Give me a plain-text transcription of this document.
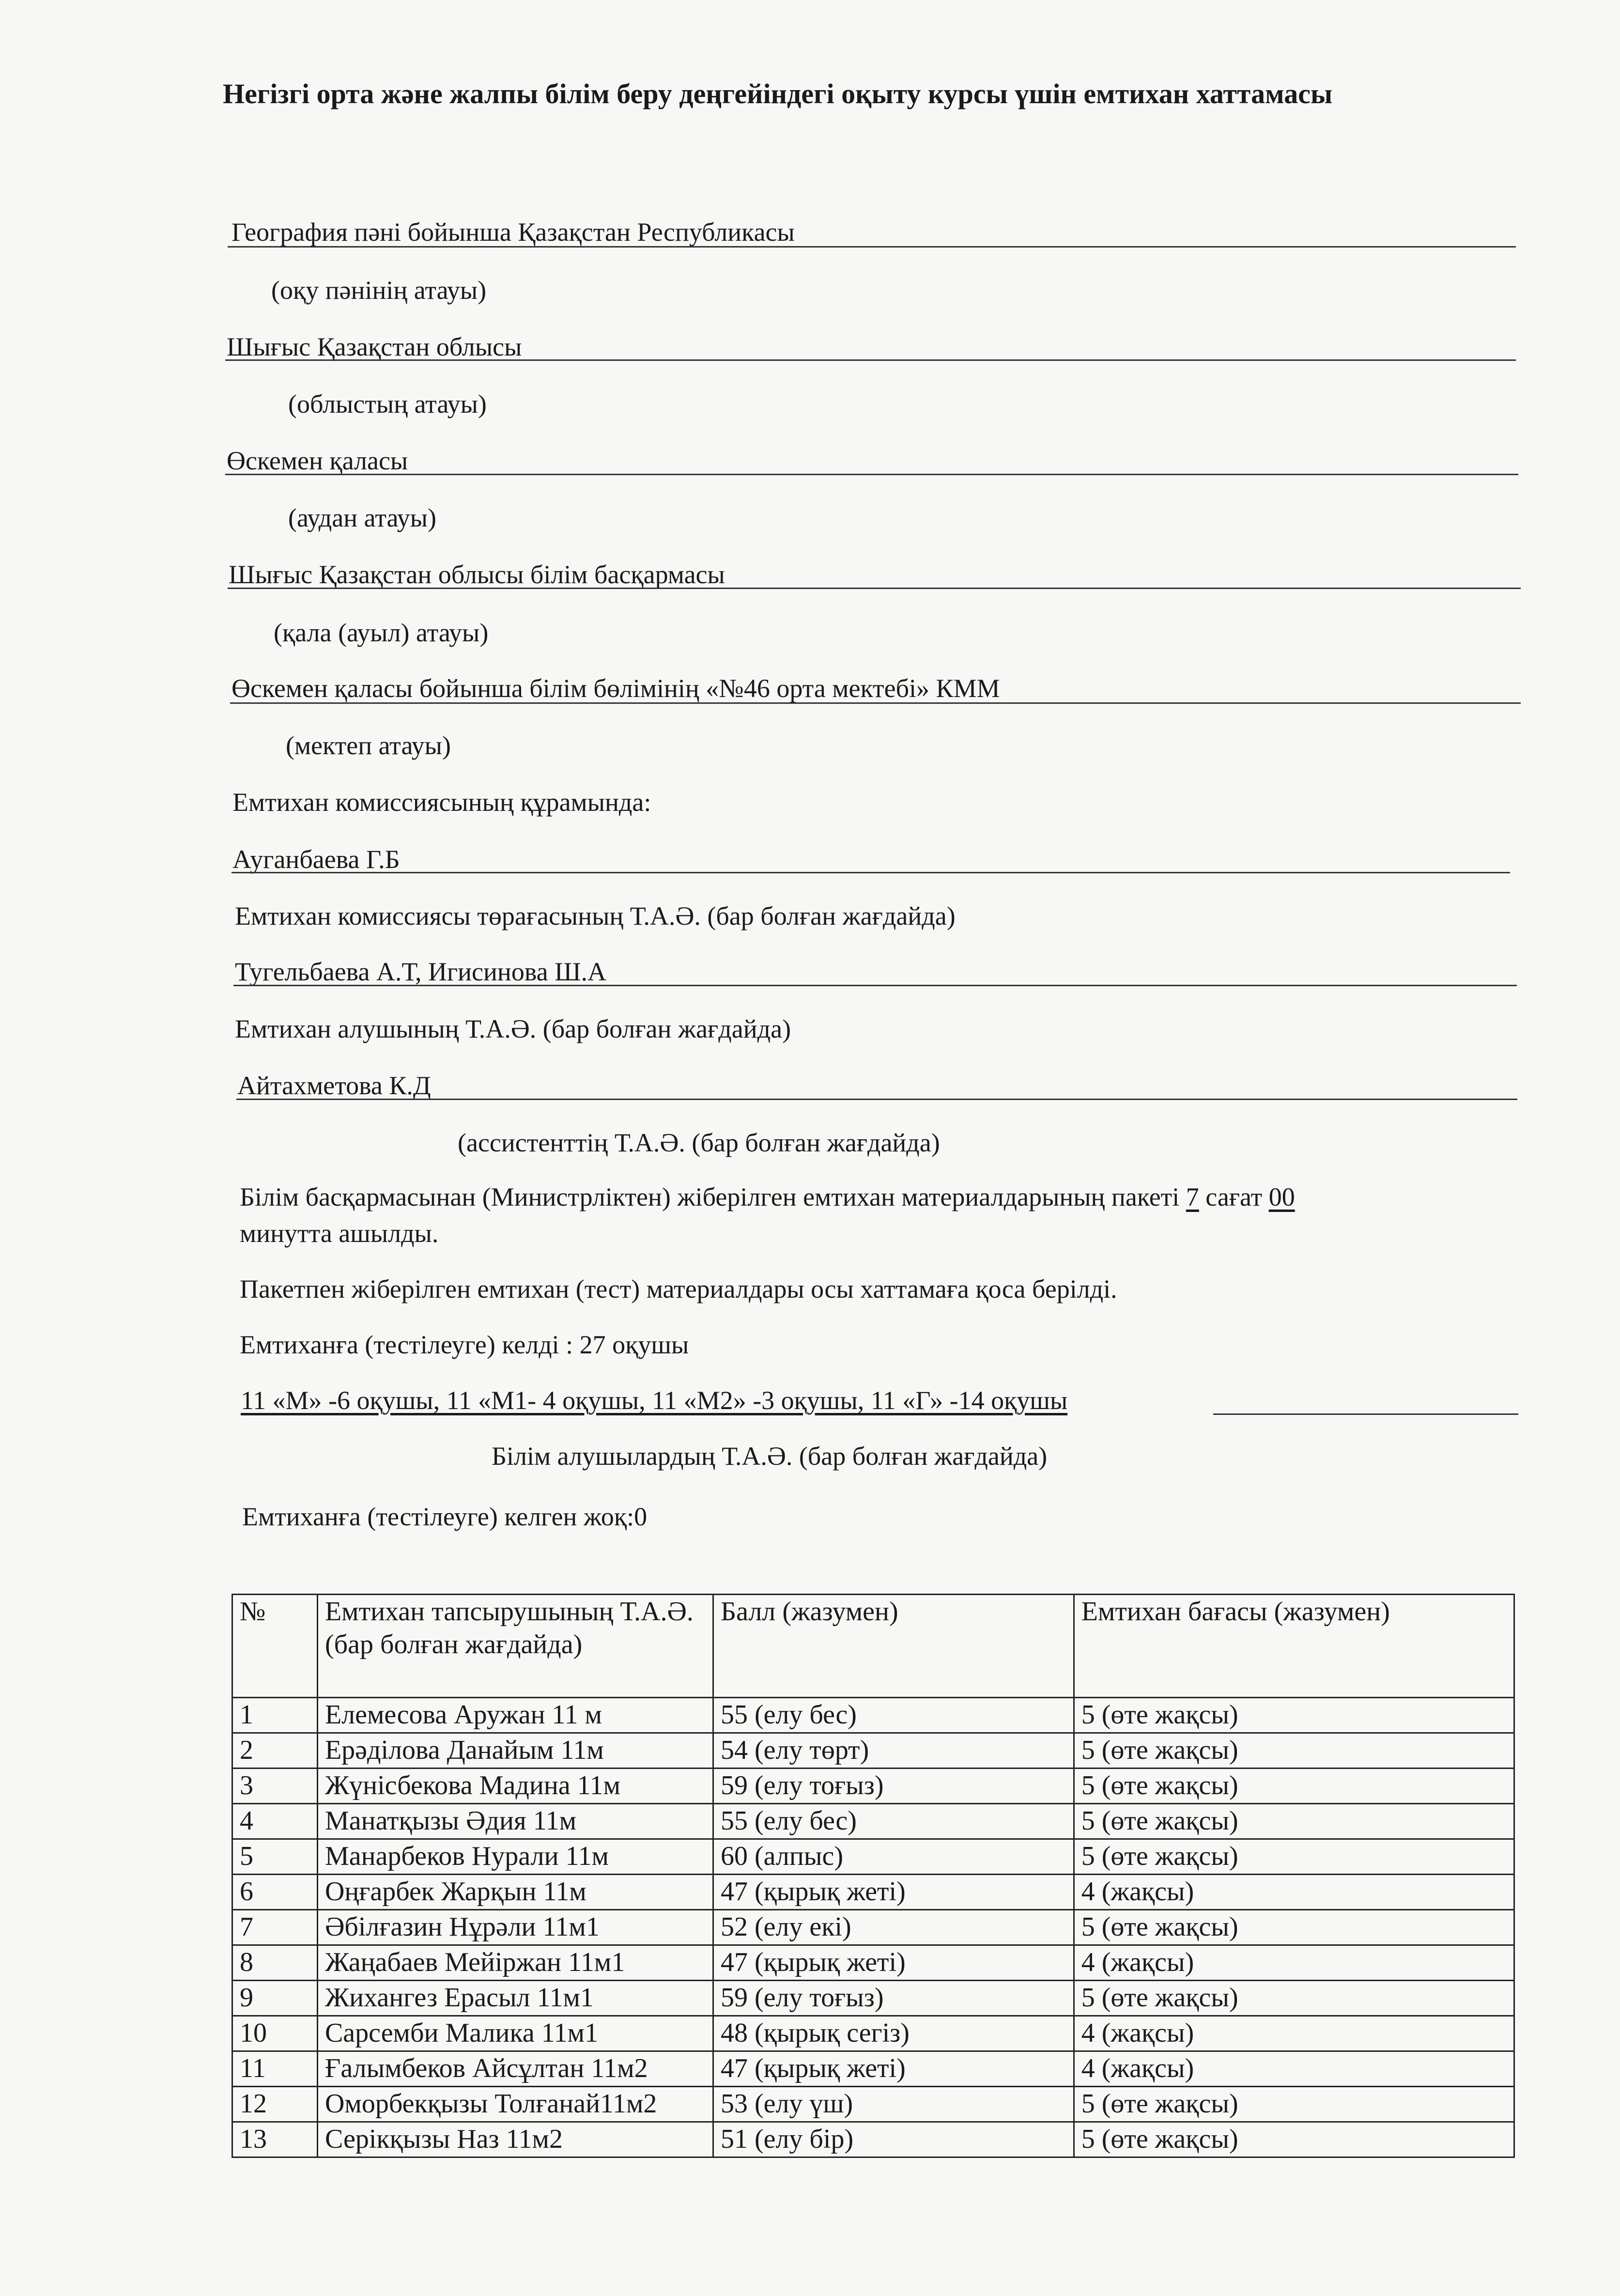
Негізгі орта және жалпы білім беру деңгейіндегі оқыту курсы үшін емтихан хаттамасы
География пәні бойынша Қазақстан Республикасы
(оқу пәнінің атауы)
Шығыс Қазақстан облысы
(облыстың атауы)
Өскемен қаласы
(аудан атауы)
Шығыс Қазақстан облысы білім басқармасы
(қала (ауыл) атауы)
Өскемен қаласы бойынша білім бөлімінің «№46 орта мектебі» КММ
(мектеп атауы)
Емтихан комиссиясының құрамында:
Ауганбаева Г.Б
Емтихан комиссиясы төрағасының Т.А.Ә. (бар болған жағдайда)
Тугельбаева А.Т, Игисинова Ш.А
Емтихан алушының Т.А.Ә. (бар болған жағдайда)
Айтахметова К.Д
(ассистенттің Т.А.Ә. (бар болған жағдайда)
Білім басқармасынан (Министрліктен) жіберілген емтихан материалдарының пакеті 7 сағат 00
минутта ашылды.
Пакетпен жіберілген емтихан (тест) материалдары осы хаттамаға қоса берілді.
Емтиханға (тестілеуге) келді : 27 оқушы
11 «М» -6 оқушы, 11 «М1- 4 оқушы, 11 «М2» -3 оқушы, 11 «Г» -14 оқушы
Білім алушылардың Т.А.Ә. (бар болған жағдайда)
Емтиханға (тестілеуге) келген жоқ:0
№	Емтихан тапсырушының Т.А.Ә. (бар болған жағдайда)	Балл (жазумен)	Емтихан бағасы (жазумен)
1	Елемесова Аружан 11 м	55 (елу бес)	5 (өте жақсы)
2	Ерәділова Данайым 11м	54 (елу төрт)	5 (өте жақсы)
3	Жүнісбекова Мадина 11м	59 (елу тоғыз)	5 (өте жақсы)
4	Манатқызы Әдия 11м	55 (елу бес)	5 (өте жақсы)
5	Манарбеков Нурали 11м	60 (алпыс)	5 (өте жақсы)
6	Оңғарбек Жарқын 11м	47 (қырық жеті)	4 (жақсы)
7	Әбілғазин Нұрәли 11м1	52 (елу екі)	5 (өте жақсы)
8	Жаңабаев Мейіржан 11м1	47 (қырық жеті)	4 (жақсы)
9	Жихангез Ерасыл 11м1	59 (елу тоғыз)	5 (өте жақсы)
10	Сарсемби Малика 11м1	48 (қырық сегіз)	4 (жақсы)
11	Ғалымбеков Айсұлтан 11м2	47 (қырық жеті)	4 (жақсы)
12	Оморбекқызы Толғанай11м2	53 (елу үш)	5 (өте жақсы)
13	Серікқызы Наз 11м2	51 (елу бір)	5 (өте жақсы)
